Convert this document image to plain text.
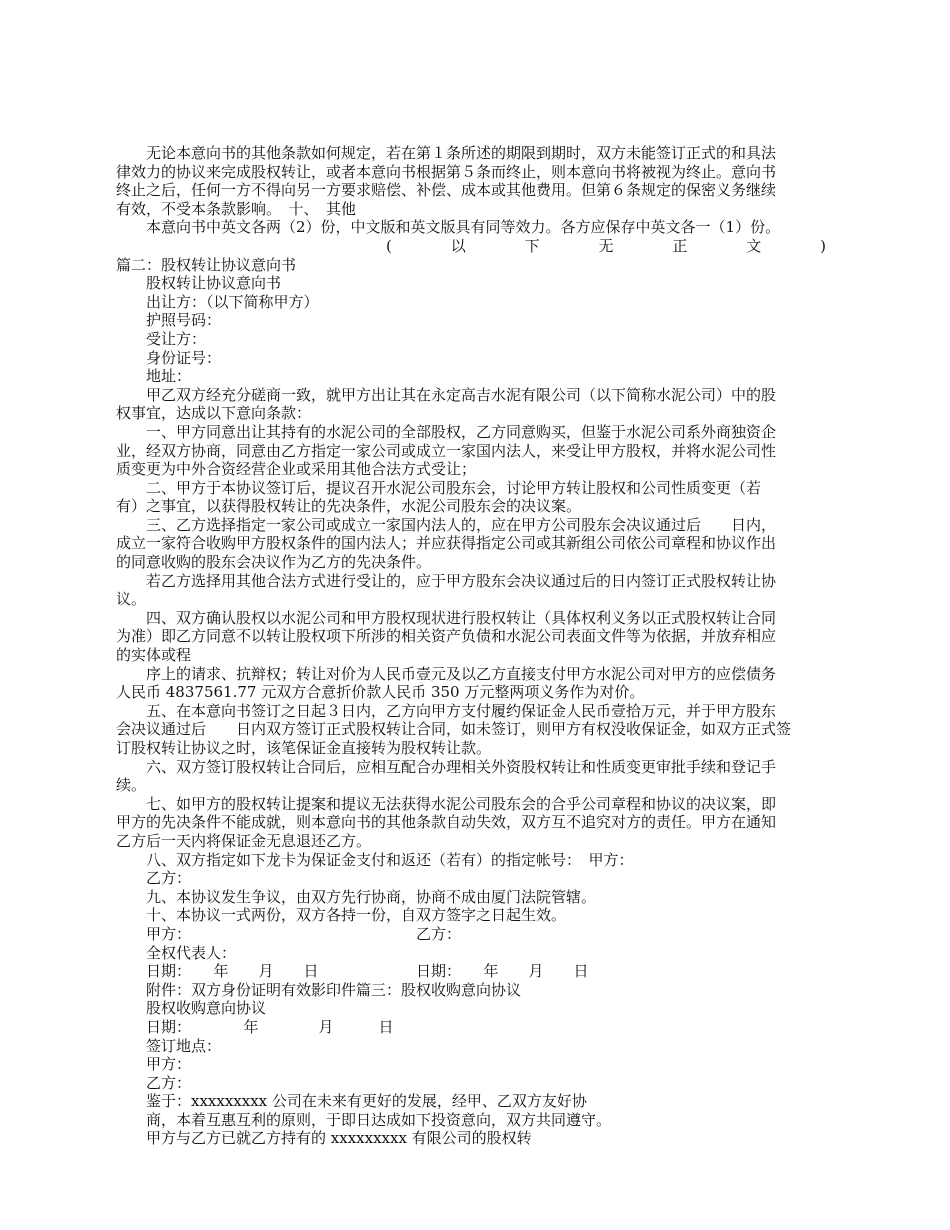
无论本意向书的其他条款如何规定，若在第１条所述的期限到期时，双方未能签订正式的和具法
律效力的协议来完成股权转让，或者本意向书根据第５条而终止，则本意向书将被视为终止。意向书
终止之后，任何一方不得向另一方要求赔偿、补偿、成本或其他费用。但第６条规定的保密义务继续
有效，不受本条款影响。　十、　其他
本意向书中英文各两（2）份，中文版和英文版具有同等效力。各方应保存中英文各一（1）份。
(	以	下	无	正	文	)
篇二：股权转让协议意向书
股权转让协议意向书
出让方：（以下简称甲方）
护照号码：
受让方：
身份证号：
地址：
甲乙双方经充分磋商一致，就甲方出让其在永定高吉水泥有限公司（以下简称水泥公司）中的股
权事宜，达成以下意向条款：
一、甲方同意出让其持有的水泥公司的全部股权，乙方同意购买，但鉴于水泥公司系外商独资企
业，经双方协商，同意由乙方指定一家公司或成立一家国内法人，来受让甲方股权，并将水泥公司性
质变更为中外合资经营企业或采用其他合法方式受让；
二、甲方于本协议签订后，提议召开水泥公司股东会，讨论甲方转让股权和公司性质变更（若
有）之事宜，以获得股权转让的先决条件，水泥公司股东会的决议案。
三、乙方选择指定一家公司或成立一家国内法人的，应在甲方公司股东会决议通过后　　日内，
成立一家符合收购甲方股权条件的国内法人；并应获得指定公司或其新组公司依公司章程和协议作出
的同意收购的股东会决议作为乙方的先决条件。
若乙方选择用其他合法方式进行受让的，应于甲方股东会决议通过后的日内签订正式股权转让协
议。
四、双方确认股权以水泥公司和甲方股权现状进行股权转让（具体权利义务以正式股权转让合同
为准）即乙方同意不以转让股权项下所涉的相关资产负债和水泥公司表面文件等为依据，并放弃相应
的实体或程
序上的请求、抗辩权；转让对价为人民币壹元及以乙方直接支付甲方水泥公司对甲方的应偿债务
人民币 4837561.77 元双方合意折价款人民币 350 万元整两项义务作为对价。
五、在本意向书签订之日起３日内，乙方向甲方支付履约保证金人民币壹拾万元，并于甲方股东
会决议通过后　　日内双方签订正式股权转让合同，如未签订，则甲方有权没收保证金，如双方正式签
订股权转让协议之时，该笔保证金直接转为股权转让款。
六、双方签订股权转让合同后，应相互配合办理相关外资股权转让和性质变更审批手续和登记手
续。
七、如甲方的股权转让提案和提议无法获得水泥公司股东会的合乎公司章程和协议的决议案，即
甲方的先决条件不能成就，则本意向书的其他条款自动失效，双方互不追究对方的责任。甲方在通知
乙方后一天内将保证金无息退还乙方。
八、双方指定如下龙卡为保证金支付和返还（若有）的指定帐号：　甲方：
乙方：
九、本协议发生争议，由双方先行协商，协商不成由厦门法院管辖。
十、本协议一式两份，双方各持一份，自双方签字之日起生效。
甲方：	乙方：
全权代表人：
日期：　　年　　月　　日	日期：　　年　　月　　日
附件：双方身份证明有效影印件篇三：股权收购意向协议
股权收购意向协议
日期：　　　　年　　　　月　　　日
签订地点：
甲方：
乙方：
鉴于：xxxxxxxxx 公司在未来有更好的发展，经甲、乙双方友好协
商，本着互惠互利的原则，于即日达成如下投资意向，双方共同遵守。
甲方与乙方已就乙方持有的 xxxxxxxxx 有限公司的股权转
